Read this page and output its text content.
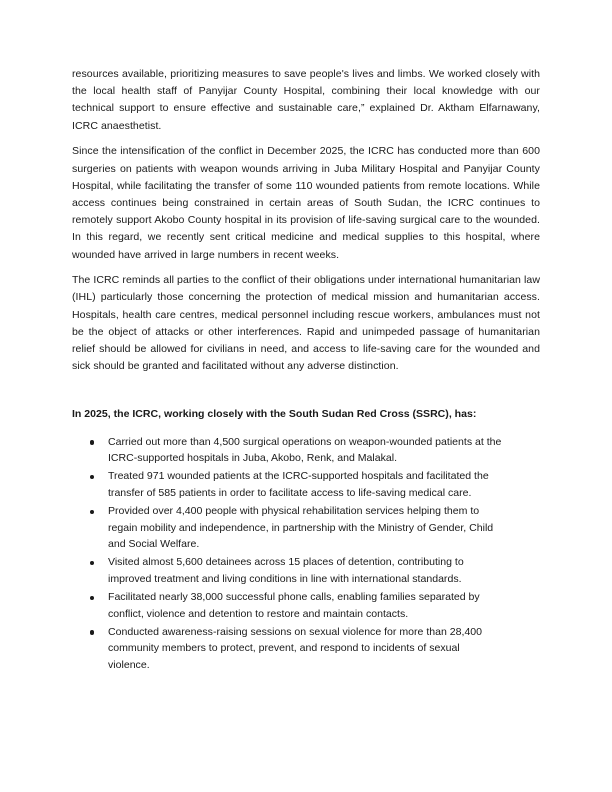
resources available, prioritizing measures to save people's lives and limbs. We worked closely with the local health staff of Panyijar County Hospital, combining their local knowledge with our technical support to ensure effective and sustainable care,” explained Dr. Aktham Elfarnawany, ICRC anaesthetist.

Since the intensification of the conflict in December 2025, the ICRC has conducted more than 600 surgeries on patients with weapon wounds arriving in Juba Military Hospital and Panyijar County Hospital, while facilitating the transfer of some 110 wounded patients from remote locations. While access continues being constrained in certain areas of South Sudan, the ICRC continues to remotely support Akobo County hospital in its provision of life-saving surgical care to the wounded. In this regard, we recently sent critical medicine and medical supplies to this hospital, where wounded have arrived in large numbers in recent weeks.

The ICRC reminds all parties to the conflict of their obligations under international humanitarian law (IHL) particularly those concerning the protection of medical mission and humanitarian access. Hospitals, health care centres, medical personnel including rescue workers, ambulances must not be the object of attacks or other interferences. Rapid and unimpeded passage of humanitarian relief should be allowed for civilians in need, and access to life-saving care for the wounded and sick should be granted and facilitated without any adverse distinction.

In 2025, the ICRC, working closely with the South Sudan Red Cross (SSRC), has:
Carried out more than 4,500 surgical operations on weapon-wounded patients at the ICRC-supported hospitals in Juba, Akobo, Renk, and Malakal.
Treated 971 wounded patients at the ICRC-supported hospitals and facilitated the transfer of 585 patients in order to facilitate access to life-saving medical care.
Provided over 4,400 people with physical rehabilitation services helping them to regain mobility and independence, in partnership with the Ministry of Gender, Child and Social Welfare.
Visited almost 5,600 detainees across 15 places of detention, contributing to improved treatment and living conditions in line with international standards.
Facilitated nearly 38,000 successful phone calls, enabling families separated by conflict, violence and detention to restore and maintain contacts.
Conducted awareness-raising sessions on sexual violence for more than 28,400 community members to protect, prevent, and respond to incidents of sexual violence.
